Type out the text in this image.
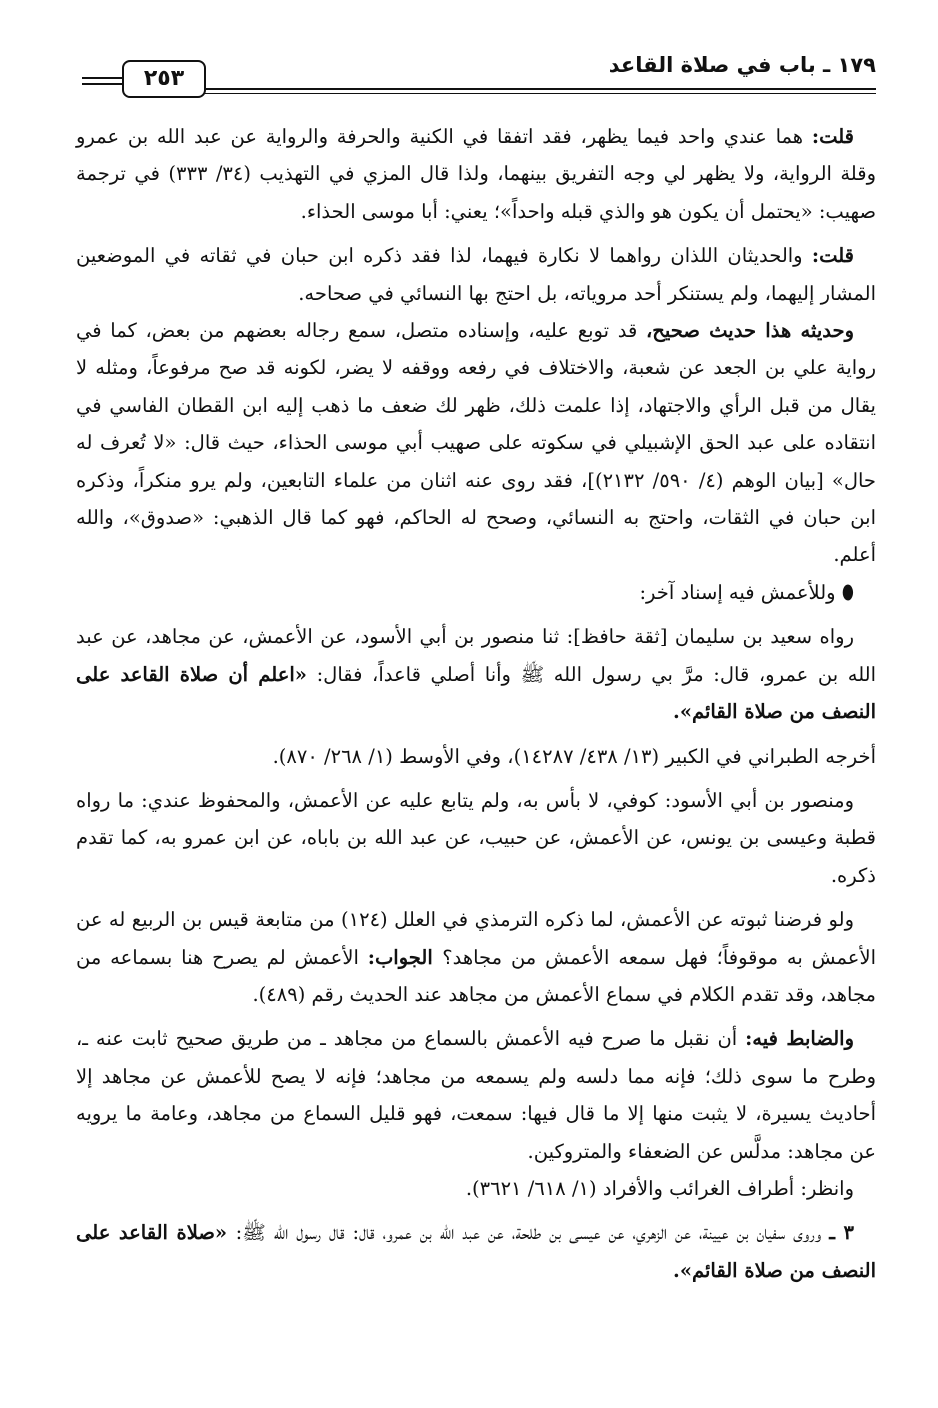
١٧٩ ـ باب في صلاة القاعد
٢٥٣

قلت: هما عندي واحد فيما يظهر، فقد اتفقا في الكنية والحرفة والرواية عن عبد الله بن عمرو وقلة الرواية، ولا يظهر لي وجه التفريق بينهما، ولذا قال المزي في التهذيب (٣٤/ ٣٣٣) في ترجمة صهيب: «يحتمل أن يكون هو والذي قبله واحداً»؛ يعني: أبا موسى الحذاء.

قلت: والحديثان اللذان رواهما لا نكارة فيهما، لذا فقد ذكره ابن حبان في ثقاته في الموضعين المشار إليهما، ولم يستنكر أحد مروياته، بل احتج بها النسائي في صحاحه.

وحديثه هذا حديث صحيح، قد توبع عليه، وإسناده متصل، سمع رجاله بعضهم من بعض، كما في رواية علي بن الجعد عن شعبة، والاختلاف في رفعه ووقفه لا يضر، لكونه قد صح مرفوعاً، ومثله لا يقال من قبل الرأي والاجتهاد، إذا علمت ذلك، ظهر لك ضعف ما ذهب إليه ابن القطان الفاسي في انتقاده على عبد الحق الإشبيلي في سكوته على صهيب أبي موسى الحذاء، حيث قال: «لا تُعرف له حال» [بيان الوهم (٤/ ٥٩٠/ ٢١٣٢)]، فقد روى عنه اثنان من علماء التابعين، ولم يرو منكراً، وذكره ابن حبان في الثقات، واحتج به النسائي، وصحح له الحاكم، فهو كما قال الذهبي: «صدوق»، والله أعلم.

⬮ وللأعمش فيه إسناد آخر:

رواه سعيد بن سليمان [ثقة حافظ]: ثنا منصور بن أبي الأسود، عن الأعمش، عن مجاهد، عن عبد الله بن عمرو، قال: مرَّ بي رسول الله ﷺ وأنا أصلي قاعداً، فقال: «اعلم أن صلاة القاعد على النصف من صلاة القائم».

أخرجه الطبراني في الكبير (١٣/ ٤٣٨/ ١٤٢٨٧)، وفي الأوسط (١/ ٢٦٨/ ٨٧٠).

ومنصور بن أبي الأسود: كوفي، لا بأس به، ولم يتابع عليه عن الأعمش، والمحفوظ عندي: ما رواه قطبة وعيسى بن يونس، عن الأعمش، عن حبيب، عن عبد الله بن باباه، عن ابن عمرو به، كما تقدم ذكره.

ولو فرضنا ثبوته عن الأعمش، لما ذكره الترمذي في العلل (١٢٤) من متابعة قيس بن الربيع له عن الأعمش به موقوفاً؛ فهل سمعه الأعمش من مجاهد؟ الجواب: الأعمش لم يصرح هنا بسماعه من مجاهد، وقد تقدم الكلام في سماع الأعمش من مجاهد عند الحديث رقم (٤٨٩).

والضابط فيه: أن نقبل ما صرح فيه الأعمش بالسماع من مجاهد ـ من طريق صحيح ثابت عنه ـ، وطرح ما سوى ذلك؛ فإنه مما دلسه ولم يسمعه من مجاهد؛ فإنه لا يصح للأعمش عن مجاهد إلا أحاديث يسيرة، لا يثبت منها إلا ما قال فيها: سمعت، فهو قليل السماع من مجاهد، وعامة ما يرويه عن مجاهد: مدلَّس عن الضعفاء والمتروكين.

وانظر: أطراف الغرائب والأفراد (١/ ٦١٨/ ٣٦٢١).

٣ ـ وروى سفيان بن عيينة، عن الزهري، عن عيسى بن طلحة، عن عبد الله بن عمرو، قال: قال رسول الله ﷺ: «صلاة القاعد على النصف من صلاة القائم».
